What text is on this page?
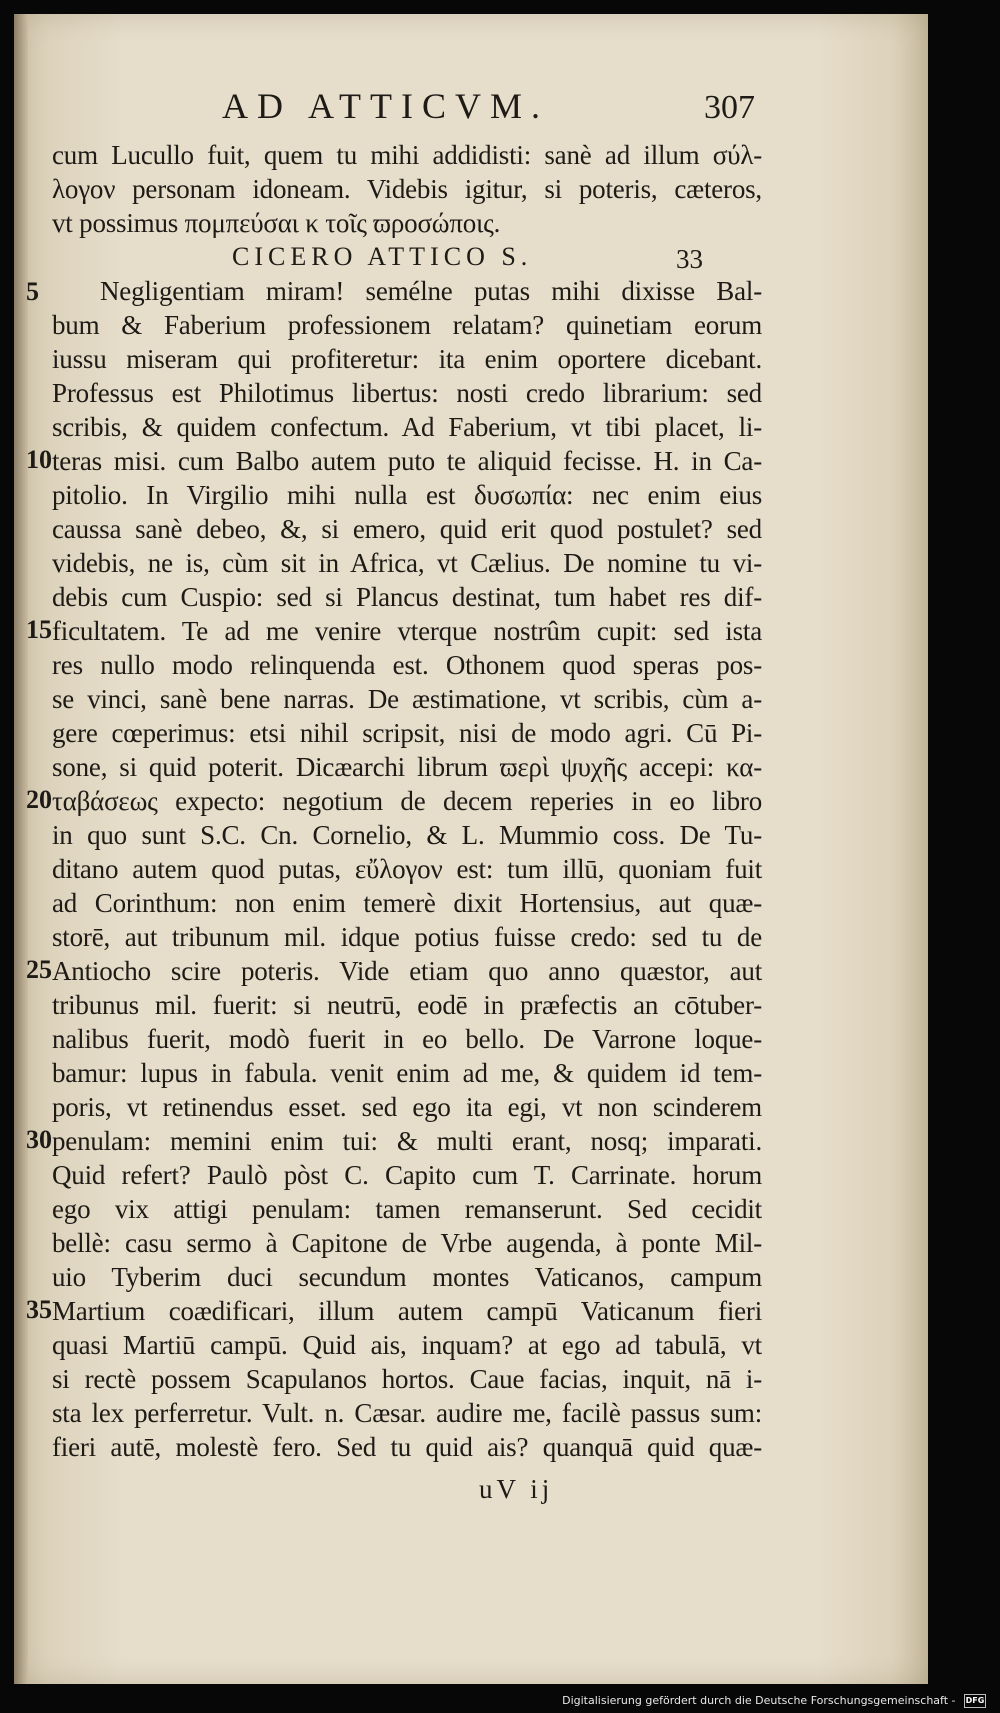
AD ATTICVM.	307
cum Lucullo fuit, quem tu mihi addidisti: sanè ad illum σύλ-
λογον personam idoneam. Videbis igitur, si poteris, cæteros,
vt possimus πομπεύσαι κ τοῖς ϖροσώποις.
CICERO ATTICO S.	33
Negligentiam miram! semélne putas mihi dixisse Bal-
bum & Faberium professionem relatam? quinetiam eorum
iussu miseram qui profiteretur: ita enim oportere dicebant.
Professus est Philotimus libertus: nosti credo librarium: sed
scribis, & quidem confectum. Ad Faberium, vt tibi placet, li-
teras misi. cum Balbo autem puto te aliquid fecisse. H. in Ca-
pitolio. In Virgilio mihi nulla est δυσωπία: nec enim eius
caussa sanè debeo, &, si emero, quid erit quod postulet? sed
videbis, ne is, cùm sit in Africa, vt Cælius. De nomine tu vi-
debis cum Cuspio: sed si Plancus destinat, tum habet res dif-
ficultatem. Te ad me venire vterque nostrûm cupit: sed ista
res nullo modo relinquenda est. Othonem quod speras pos-
se vinci, sanè bene narras. De æstimatione, vt scribis, cùm a-
gere cœperimus: etsi nihil scripsit, nisi de modo agri. Cū Pi-
sone, si quid poterit. Dicæarchi librum ϖερὶ ψυχῆς accepi: κα-
ταβάσεως expecto: negotium de decem reperies in eo libro
in quo sunt S.C. Cn. Cornelio, & L. Mummio coss. De Tu-
ditano autem quod putas, εὔλογον est: tum illū, quoniam fuit
ad Corinthum: non enim temerè dixit Hortensius, aut quæ-
storē, aut tribunum mil. idque potius fuisse credo: sed tu de
Antiocho scire poteris. Vide etiam quo anno quæstor, aut
tribunus mil. fuerit: si neutrū, eodē in præfectis an cōtuber-
nalibus fuerit, modò fuerit in eo bello. De Varrone loque-
bamur: lupus in fabula. venit enim ad me, & quidem id tem-
poris, vt retinendus esset. sed ego ita egi, vt non scinderem
penulam: memini enim tui: & multi erant, nosq; imparati.
Quid refert? Paulò pòst C. Capito cum T. Carrinate. horum
ego vix attigi penulam: tamen remanserunt. Sed cecidit
bellè: casu sermo à Capitone de Vrbe augenda, à ponte Mil-
uio Tyberim duci secundum montes Vaticanos, campum
Martium coædificari, illum autem campū Vaticanum fieri
quasi Martiū campū. Quid ais, inquam? at ego ad tabulā, vt
si rectè possem Scapulanos hortos. Caue facias, inquit, nā i-
sta lex perferretur. Vult. n. Cæsar. audire me, facilè passus sum:
fieri autē, molestè fero. Sed tu quid ais? quanquā quid quæ-
5
10
15
20
25
30
35
uV ij
Digitalisierung gefördert durch die Deutsche Forschungsgemeinschaft - DFG
